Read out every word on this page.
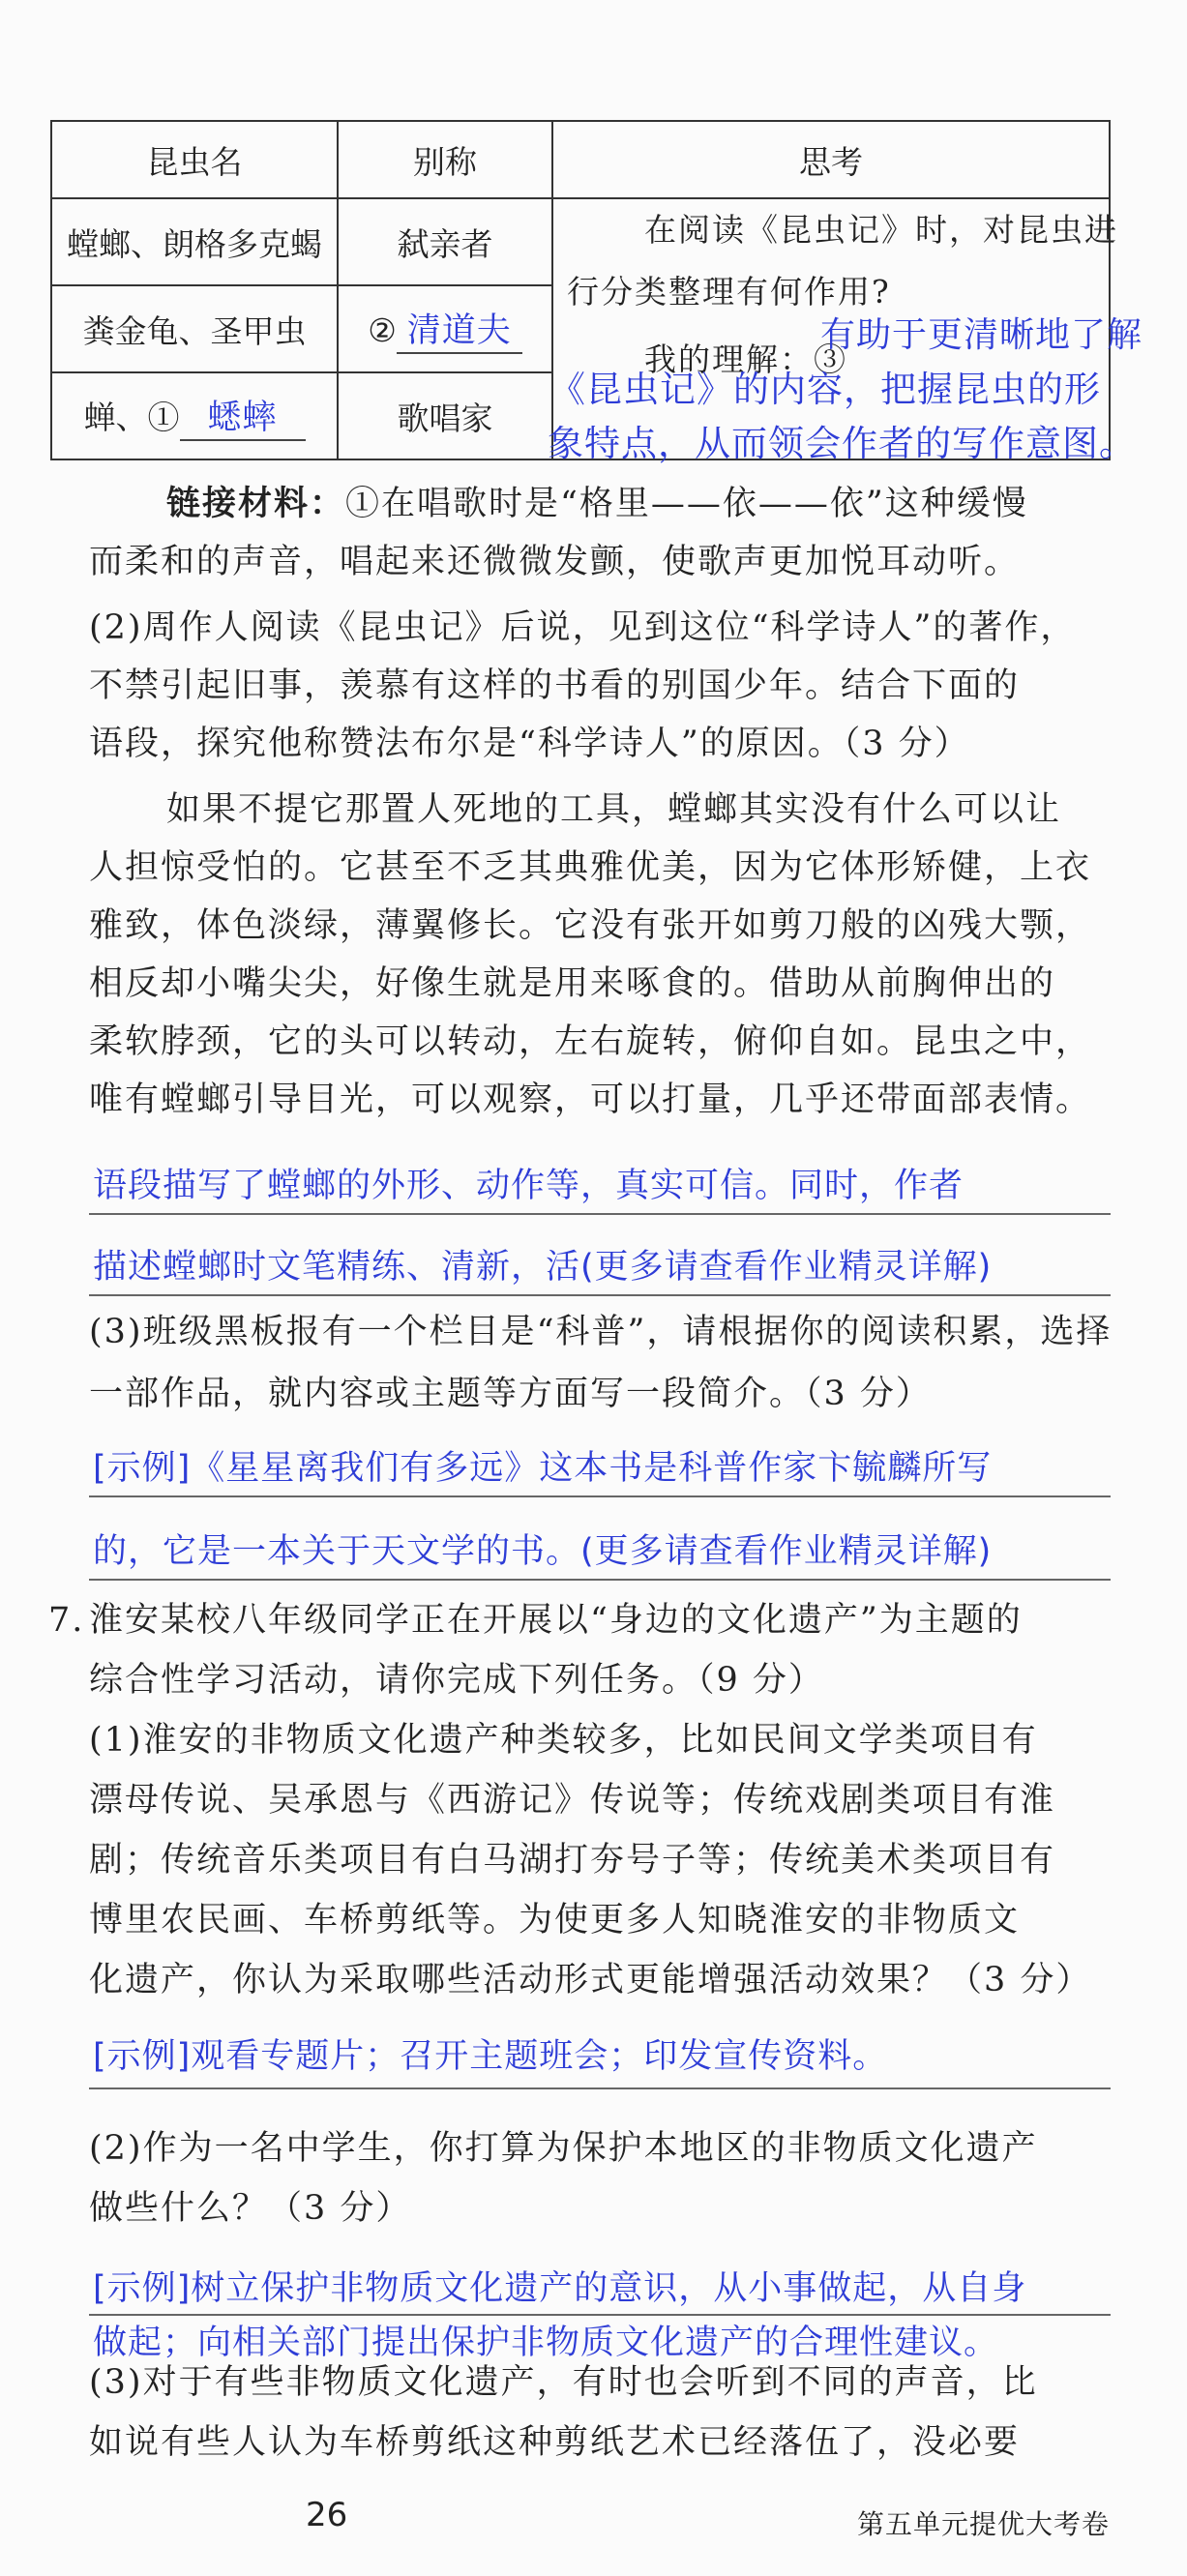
昆虫名	别称	思考
螳螂、朗格多克蝎	弑亲者	
粪金龟、圣甲虫	② 清道夫	
蝉、① 蟋蟀	歌唱家	
在阅读《昆虫记》时，对昆虫进
行分类整理有何作用?
我的理解：③
有助于更清晰地了解
《昆虫记》的内容，把握昆虫的形
象特点，从而领会作者的写作意图。
链接材料：①在唱歌时是“格里——依——依”这种缓慢
而柔和的声音，唱起来还微微发颤，使歌声更加悦耳动听。
(2)周作人阅读《昆虫记》后说，见到这位“科学诗人”的著作，
不禁引起旧事，羡慕有这样的书看的别国少年。结合下面的
语段，探究他称赞法布尔是“科学诗人”的原因。（3 分）
如果不提它那置人死地的工具，螳螂其实没有什么可以让
人担惊受怕的。它甚至不乏其典雅优美，因为它体形矫健，上衣
雅致，体色淡绿，薄翼修长。它没有张开如剪刀般的凶残大颚，
相反却小嘴尖尖，好像生就是用来啄食的。借助从前胸伸出的
柔软脖颈，它的头可以转动，左右旋转，俯仰自如。昆虫之中，
唯有螳螂引导目光，可以观察，可以打量，几乎还带面部表情。
语段描写了螳螂的外形、动作等，真实可信。同时，作者
描述螳螂时文笔精练、清新，活(更多请查看作业精灵详解)
(3)班级黑板报有一个栏目是“科普”，请根据你的阅读积累，选择
一部作品，就内容或主题等方面写一段简介。（3 分）
[示例]《星星离我们有多远》这本书是科普作家卞毓麟所写
的，它是一本关于天文学的书。(更多请查看作业精灵详解)
7. 淮安某校八年级同学正在开展以“身边的文化遗产”为主题的
综合性学习活动，请你完成下列任务。（9 分）
(1)淮安的非物质文化遗产种类较多，比如民间文学类项目有
漂母传说、吴承恩与《西游记》传说等；传统戏剧类项目有淮
剧；传统音乐类项目有白马湖打夯号子等；传统美术类项目有
博里农民画、车桥剪纸等。为使更多人知晓淮安的非物质文
化遗产，你认为采取哪些活动形式更能增强活动效果？（3 分）
[示例]观看专题片；召开主题班会；印发宣传资料。
(2)作为一名中学生，你打算为保护本地区的非物质文化遗产
做些什么？（3 分）
[示例]树立保护非物质文化遗产的意识，从小事做起，从自身
做起；向相关部门提出保护非物质文化遗产的合理性建议。
(3)对于有些非物质文化遗产，有时也会听到不同的声音，比
如说有些人认为车桥剪纸这种剪纸艺术已经落伍了，没必要
26	第五单元提优大考卷
